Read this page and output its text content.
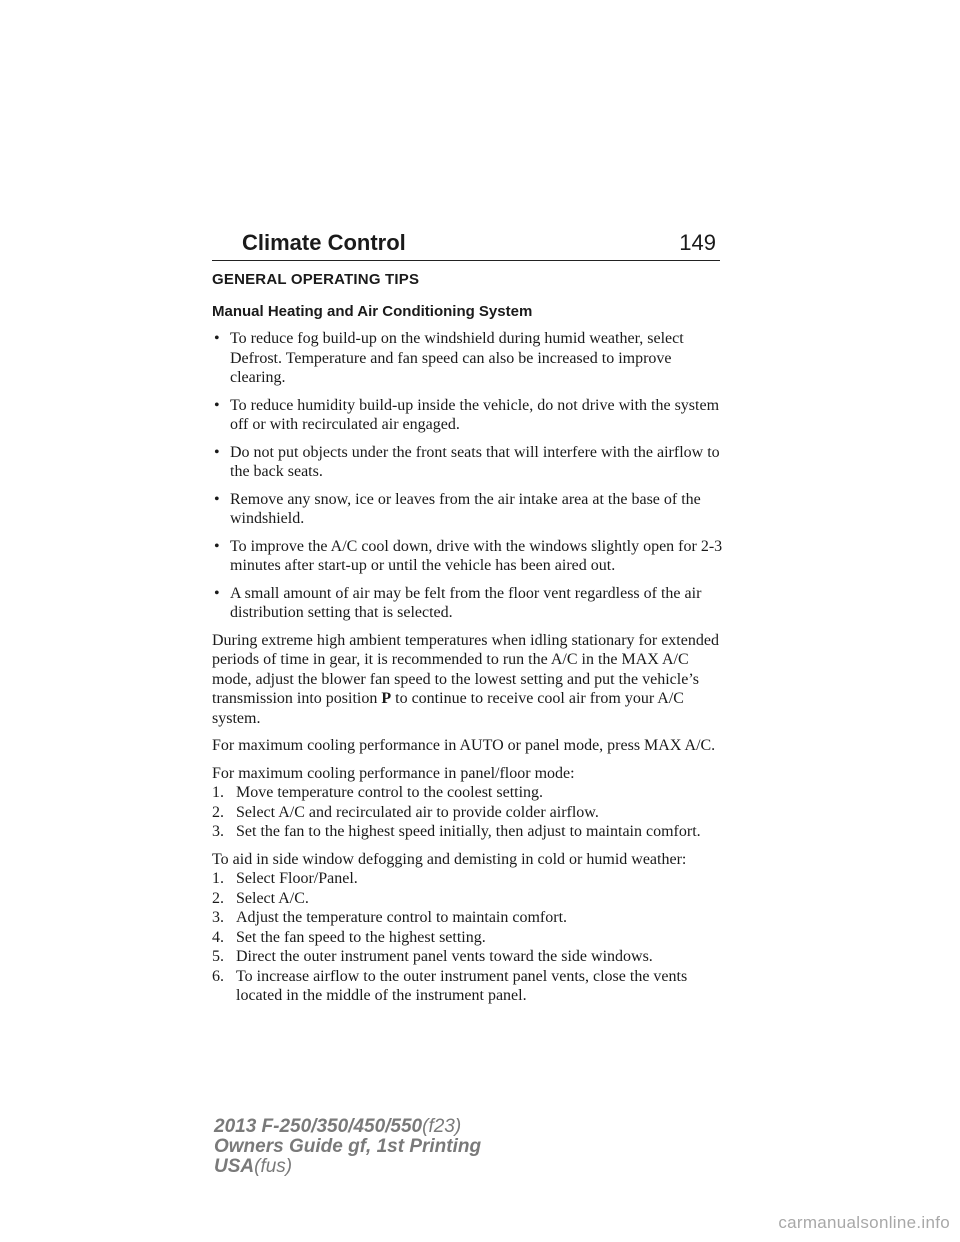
Climate Control	149
GENERAL OPERATING TIPS
Manual Heating and Air Conditioning System
• To reduce fog build-up on the windshield during humid weather, select Defrost. Temperature and fan speed can also be increased to improve clearing.
• To reduce humidity build-up inside the vehicle, do not drive with the system off or with recirculated air engaged.
• Do not put objects under the front seats that will interfere with the airflow to the back seats.
• Remove any snow, ice or leaves from the air intake area at the base of the windshield.
• To improve the A/C cool down, drive with the windows slightly open for 2-3 minutes after start-up or until the vehicle has been aired out.
• A small amount of air may be felt from the floor vent regardless of the air distribution setting that is selected.

During extreme high ambient temperatures when idling stationary for extended periods of time in gear, it is recommended to run the A/C in the MAX A/C mode, adjust the blower fan speed to the lowest setting and put the vehicle’s transmission into position P to continue to receive cool air from your A/C system.

For maximum cooling performance in AUTO or panel mode, press MAX A/C.

For maximum cooling performance in panel/floor mode:
1. Move temperature control to the coolest setting.
2. Select A/C and recirculated air to provide colder airflow.
3. Set the fan to the highest speed initially, then adjust to maintain comfort.
To aid in side window defogging and demisting in cold or humid weather:
1. Select Floor/Panel.
2. Select A/C.
3. Adjust the temperature control to maintain comfort.
4. Set the fan speed to the highest setting.
5. Direct the outer instrument panel vents toward the side windows.
6. To increase airflow to the outer instrument panel vents, close the vents located in the middle of the instrument panel.
2013 F-250/350/450/550(f23)
Owners Guide gf, 1st Printing
USA(fus)
carmanualsonline.info
